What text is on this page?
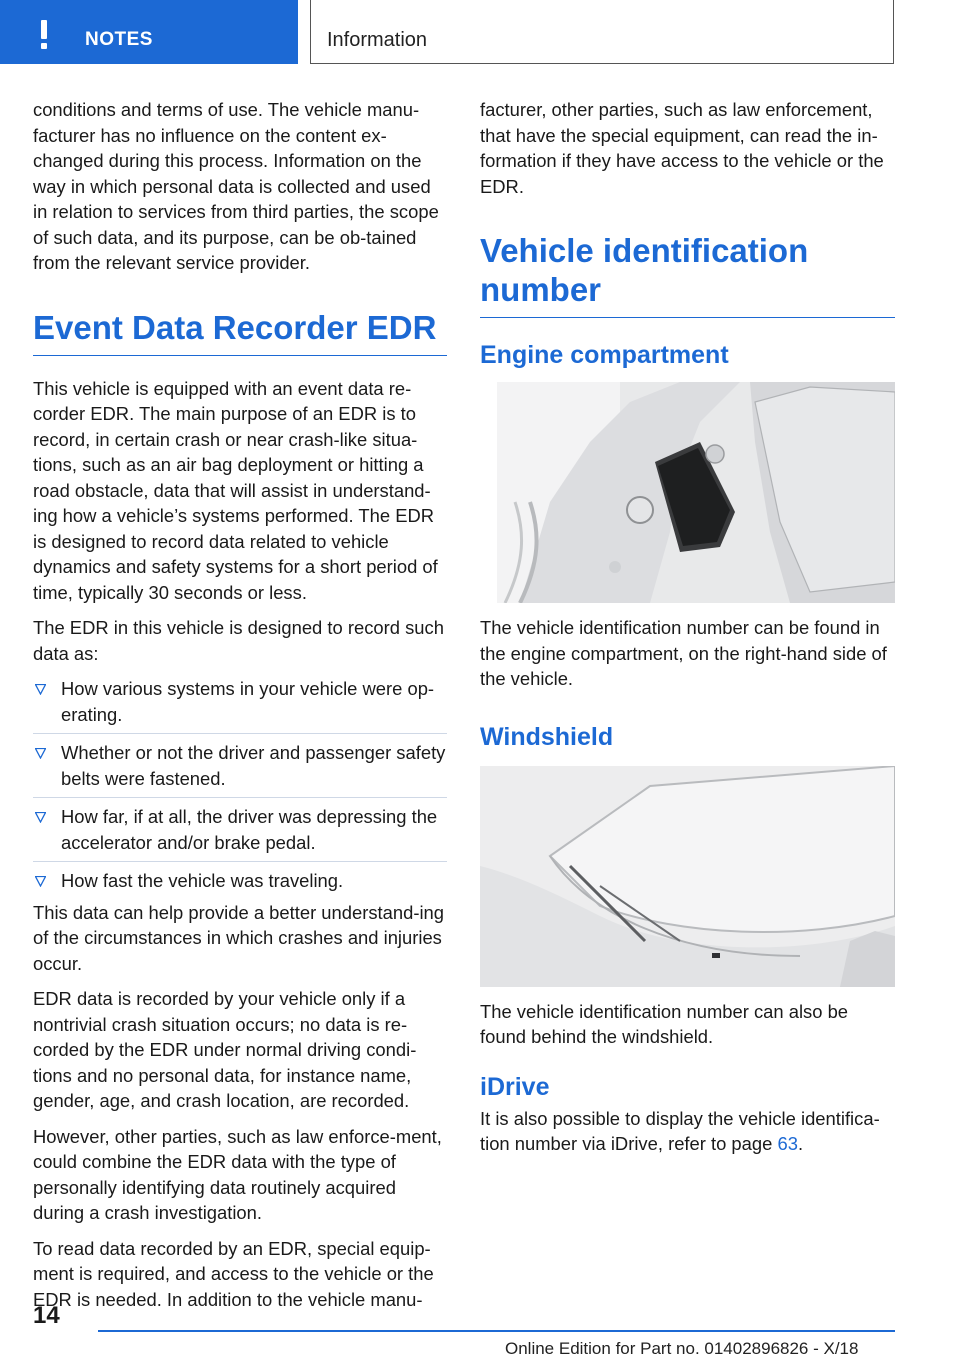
NOTES	Information

conditions and terms of use. The vehicle manu-facturer has no influence on the content ex-changed during this process. Information on the way in which personal data is collected and used in relation to services from third parties, the scope of such data, and its purpose, can be ob-tained from the relevant service provider.

Event Data Recorder EDR

This vehicle is equipped with an event data re-corder EDR. The main purpose of an EDR is to record, in certain crash or near crash-like situa-tions, such as an air bag deployment or hitting a road obstacle, data that will assist in understand-ing how a vehicle’s systems performed. The EDR is designed to record data related to vehicle dynamics and safety systems for a short period of time, typically 30 seconds or less.

The EDR in this vehicle is designed to record such data as:

How various systems in your vehicle were op-erating.
Whether or not the driver and passenger safety belts were fastened.
How far, if at all, the driver was depressing the accelerator and/or brake pedal.
How fast the vehicle was traveling.

This data can help provide a better understand-ing of the circumstances in which crashes and injuries occur.

EDR data is recorded by your vehicle only if a nontrivial crash situation occurs; no data is re-corded by the EDR under normal driving condi-tions and no personal data, for instance name, gender, age, and crash location, are recorded.

However, other parties, such as law enforce-ment, could combine the EDR data with the type of personally identifying data routinely acquired during a crash investigation.

To read data recorded by an EDR, special equip-ment is required, and access to the vehicle or the EDR is needed. In addition to the vehicle manu-

facturer, other parties, such as law enforcement, that have the special equipment, can read the in-formation if they have access to the vehicle or the EDR.

Vehicle identification number
Engine compartment

The vehicle identification number can be found in the engine compartment, on the right-hand side of the vehicle.

Windshield

The vehicle identification number can also be found behind the windshield.

iDrive

It is also possible to display the vehicle identifica-tion number via iDrive, refer to page 63.

14
Online Edition for Part no. 01402896826 - X/18
